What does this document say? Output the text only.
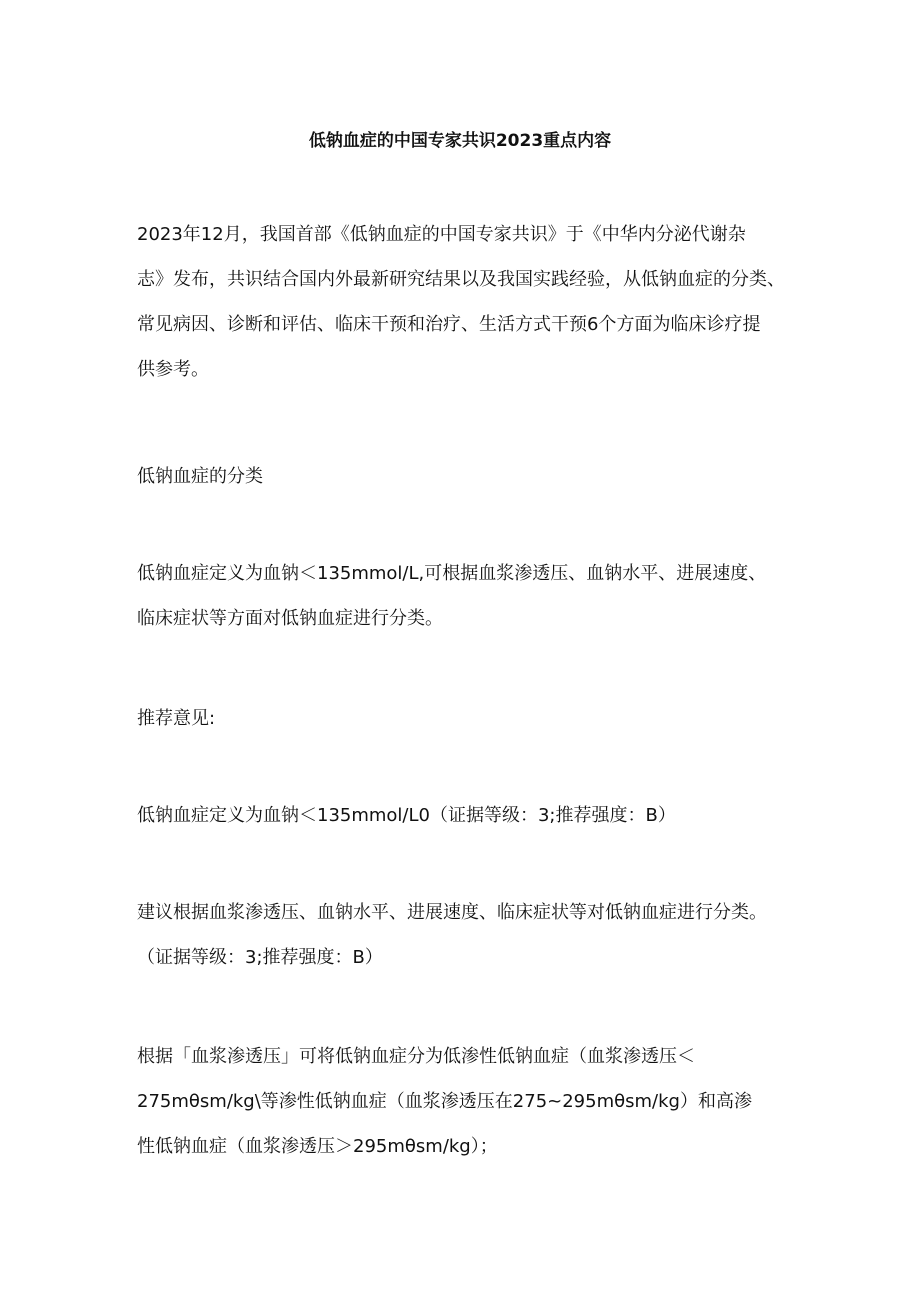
低钠血症的中国专家共识2023重点内容

2023年12月，我国首部《低钠血症的中国专家共识》于《中华内分泌代谢杂
志》发布，共识结合国内外最新研究结果以及我国实践经验，从低钠血症的分类、
常见病因、诊断和评估、临床干预和治疗、生活方式干预6个方面为临床诊疗提
供参考。

低钠血症的分类

低钠血症定义为血钠＜135mmol/L,可根据血浆渗透压、血钠水平、进展速度、
临床症状等方面对低钠血症进行分类。

推荐意见:

低钠血症定义为血钠＜135mmol/L0（证据等级：3;推荐强度：B）

建议根据血浆渗透压、血钠水平、进展速度、临床症状等对低钠血症进行分类。
（证据等级：3;推荐强度：B）

根据「血浆渗透压」可将低钠血症分为低渗性低钠血症（血浆渗透压＜
275mθsm/kg\等渗性低钠血症（血浆渗透压在275~295mθsm/kg）和高渗
性低钠血症（血浆渗透压＞295mθsm/kg）；
